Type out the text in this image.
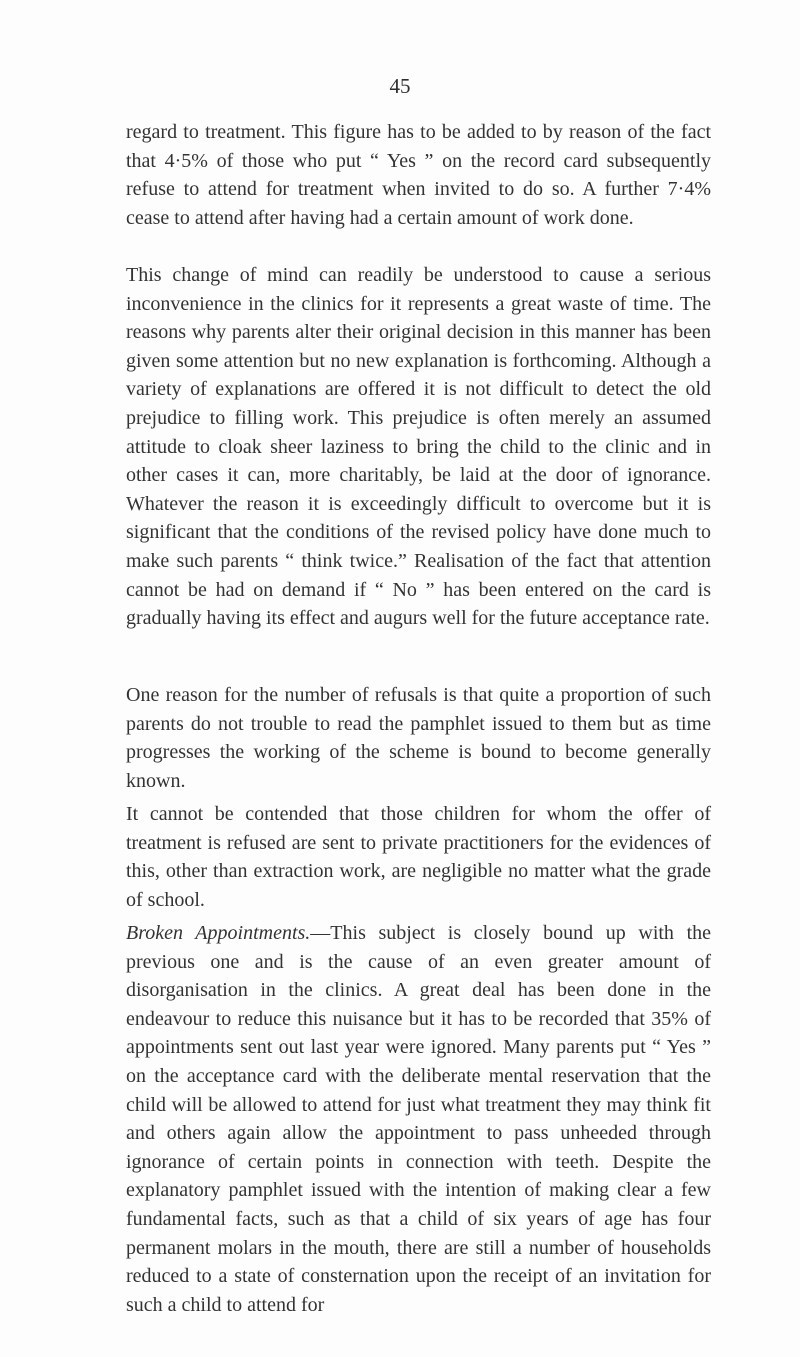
45

regard to treatment. This figure has to be added to by reason of the fact that 4·5% of those who put “ Yes ” on the record card subsequently refuse to attend for treatment when invited to do so. A further 7·4% cease to attend after having had a certain amount of work done.

This change of mind can readily be understood to cause a serious inconvenience in the clinics for it represents a great waste of time. The reasons why parents alter their original decision in this manner has been given some attention but no new explanation is forthcoming. Although a variety of explanations are offered it is not difficult to detect the old prejudice to filling work. This prejudice is often merely an assumed attitude to cloak sheer laziness to bring the child to the clinic and in other cases it can, more charitably, be laid at the door of ignorance. Whatever the reason it is exceedingly difficult to overcome but it is significant that the conditions of the revised policy have done much to make such parents “ think twice.” Realisation of the fact that attention cannot be had on demand if “ No ” has been entered on the card is gradually having its effect and augurs well for the future acceptance rate.

One reason for the number of refusals is that quite a proportion of such parents do not trouble to read the pamphlet issued to them but as time progresses the working of the scheme is bound to become generally known.

It cannot be contended that those children for whom the offer of treatment is refused are sent to private practitioners for the evidences of this, other than extraction work, are negligible no matter what the grade of school.

Broken Appointments.—This subject is closely bound up with the previous one and is the cause of an even greater amount of disorganisation in the clinics. A great deal has been done in the endeavour to reduce this nuisance but it has to be recorded that 35% of appointments sent out last year were ignored. Many parents put “ Yes ” on the acceptance card with the deliberate mental reservation that the child will be allowed to attend for just what treatment they may think fit and others again allow the appointment to pass unheeded through ignorance of certain points in connection with teeth. Despite the explanatory pamphlet issued with the intention of making clear a few fundamental facts, such as that a child of six years of age has four permanent molars in the mouth, there are still a number of households reduced to a state of consternation upon the receipt of an invitation for such a child to attend for
